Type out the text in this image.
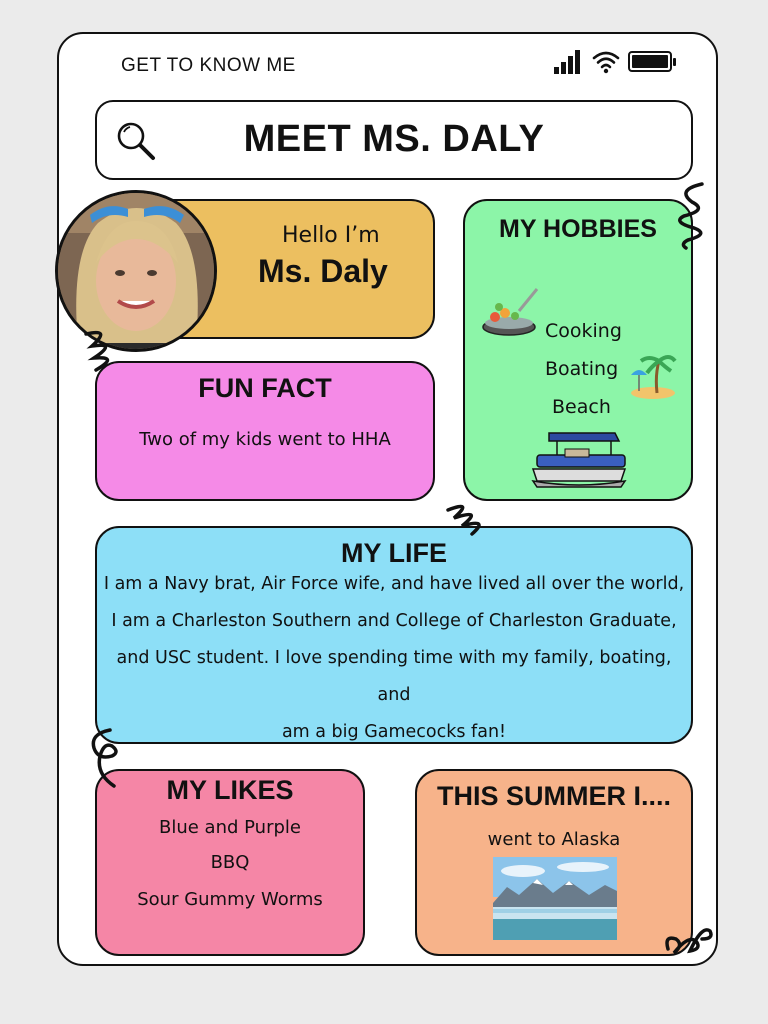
GET TO KNOW ME
MEET MS. DALY
Hello I’m
Ms. Daly
MY HOBBIES
Cooking
Boating
Beach
FUN FACT
Two of my kids went to HHA
MY LIFE
I am a Navy brat, Air Force wife, and have lived all over the world,
I am a Charleston Southern and College of Charleston Graduate,
and USC student. I love spending time with my family, boating, and
am a big Gamecocks fan!
MY LIKES
Blue and Purple
BBQ
Sour Gummy Worms
THIS SUMMER I....
went to Alaska
